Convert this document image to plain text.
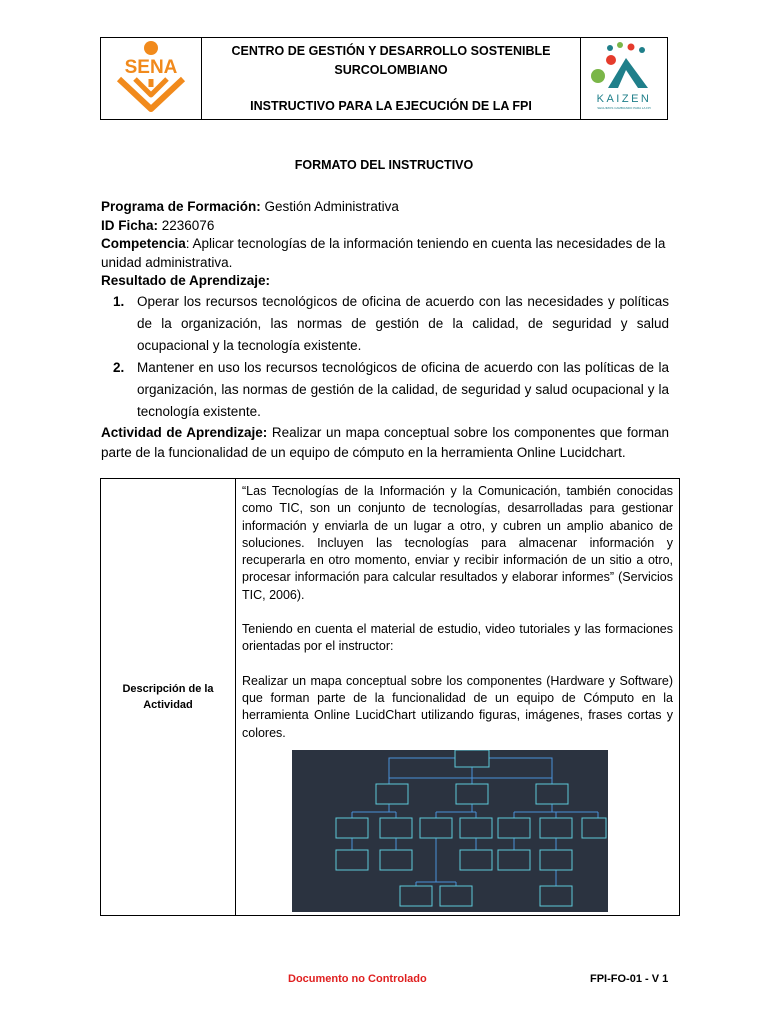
SENA

CENTRO DE GESTIÓN Y DESARROLLO SOSTENIBLE
SURCOLOMBIANO
INSTRUCTIVO PARA LA EJECUCIÓN DE LA FPI	KAIZEN
SEGUIMOS CAMBIANDO PARA LA FPI
FORMATO DEL INSTRUCTIVO

Programa de Formación: Gestión Administrativa

ID Ficha: 2236076

Competencia: Aplicar tecnologías de la información teniendo en cuenta las necesidades de la unidad administrativa.

Resultado de Aprendizaje:

1. Operar los recursos tecnológicos de oficina de acuerdo con las necesidades y políticas de la organización, las normas de gestión de la calidad, de seguridad y salud ocupacional y la tecnología existente.
2. Mantener en uso los recursos tecnológicos de oficina de acuerdo con las políticas de la organización, las normas de gestión de la calidad, de seguridad y salud ocupacional y la tecnología existente.

Actividad de Aprendizaje: Realizar un mapa conceptual sobre los componentes que forman parte de la funcionalidad de un equipo de cómputo en la herramienta Online Lucidchart.

Descripción de la Actividad	

“Las Tecnologías de la Información y la Comunicación, también conocidas como TIC, son un conjunto de tecnologías, desarrolladas para gestionar información y enviarla de un lugar a otro, y cubren un amplio abanico de soluciones. Incluyen las tecnologías para almacenar información y recuperarla en otro momento, enviar y recibir información de un sitio a otro, procesar información para calcular resultados y elaborar informes” (Servicios TIC, 2006).

Teniendo en cuenta el material de estudio, video tutoriales y las formaciones orientadas por el instructor:

Realizar un mapa conceptual sobre los componentes (Hardware y Software) que forman parte de la funcionalidad de un equipo de Cómputo en la herramienta Online LucidChart utilizando figuras, imágenes, frases cortas y colores.

Documento no Controlado	FPI-FO-01 - V 1
